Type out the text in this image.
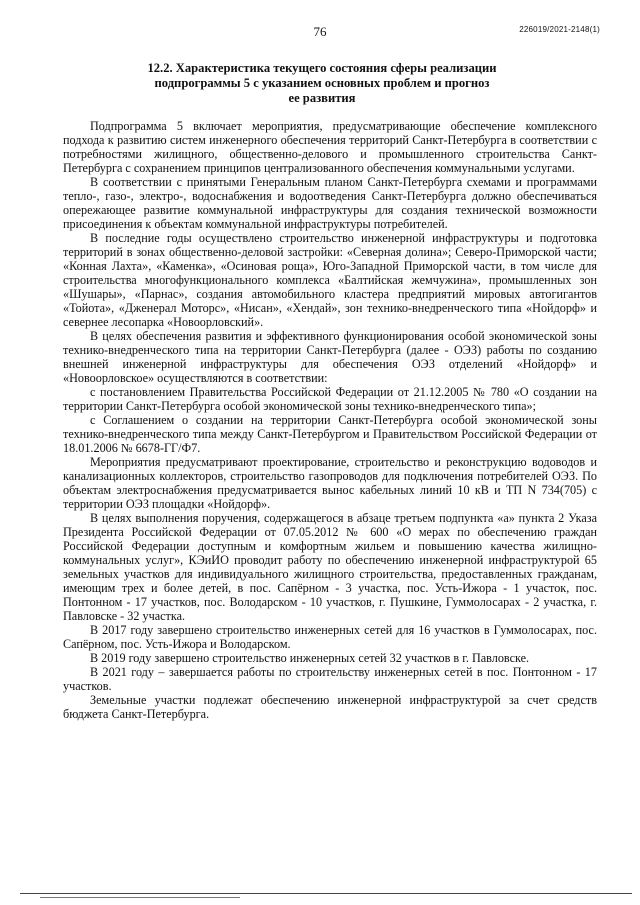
76	226019/2021-2148(1)
12.2. Характеристика текущего состояния сферы реализации
подпрограммы 5 с указанием основных проблем и прогноз
ее развития

Подпрограмма 5 включает мероприятия, предусматривающие обеспечение комплексного подхода к развитию систем инженерного обеспечения территорий Санкт-Петербурга в соответствии с потребностями жилищного, общественно-делового и промышленного строительства Санкт-Петербурга с сохранением принципов централизованного обеспечения коммунальными услугами.

В соответствии с принятыми Генеральным планом Санкт-Петербурга схемами и программами тепло-, газо-, электро-, водоснабжения и водоотведения Санкт-Петербурга должно обеспечиваться опережающее развитие коммунальной инфраструктуры для создания технической возможности присоединения к объектам коммунальной инфраструктуры потребителей.

В последние годы осуществлено строительство инженерной инфраструктуры и подготовка территорий в зонах общественно-деловой застройки: «Северная долина»; Северо-Приморской части; «Конная Лахта», «Каменка», «Осиновая роща», Юго-Западной Приморской части, в том числе для строительства многофункционального комплекса «Балтийская жемчужина», промышленных зон «Шушары», «Парнас», создания автомобильного кластера предприятий мировых автогигантов «Тойота», «Дженерал Моторс», «Нисан», «Хендай», зон технико-внедренческого типа «Нойдорф» и севернее лесопарка «Новоорловский».

В целях обеспечения развития и эффективного функционирования особой экономической зоны технико-внедренческого типа на территории Санкт-Петербурга (далее - ОЭЗ) работы по созданию внешней инженерной инфраструктуры для обеспечения ОЭЗ отделений «Нойдорф» и «Новоорловское» осуществляются в соответствии:

с постановлением Правительства Российской Федерации от 21.12.2005 № 780 «О создании на территории Санкт-Петербурга особой экономической зоны технико-внедренческого типа»;

с Соглашением о создании на территории Санкт-Петербурга особой экономической зоны технико-внедренческого типа между Санкт-Петербургом и Правительством Российской Федерации от 18.01.2006 № 6678-ГГ/Ф7.

Мероприятия предусматривают проектирование, строительство и реконструкцию водоводов и канализационных коллекторов, строительство газопроводов для подключения потребителей ОЭЗ. По объектам электроснабжения предусматривается вынос кабельных линий 10 кВ и ТП N 734(705) с территории ОЭЗ площадки «Нойдорф».

В целях выполнения поручения, содержащегося в абзаце третьем подпункта «а» пункта 2 Указа Президента Российской Федерации от 07.05.2012 № 600 «О мерах по обеспечению граждан Российской Федерации доступным и комфортным жильем и повышению качества жилищно-коммунальных услуг», КЭиИО проводит работу по обеспечению инженерной инфраструктурой 65 земельных участков для индивидуального жилищного строительства, предоставленных гражданам, имеющим трех и более детей, в пос. Сапёрном - 3 участка, пос. Усть-Ижора - 1 участок, пос. Понтонном - 17 участков, пос. Володарском - 10 участков, г. Пушкине, Гуммолосарах - 2 участка, г. Павловске - 32 участка.

В 2017 году завершено строительство инженерных сетей для 16 участков в Гуммолосарах, пос. Сапёрном, пос. Усть-Ижора и Володарском.

В 2019 году завершено строительство инженерных сетей 32 участков в г. Павловске.

В 2021 году – завершается работы по строительству инженерных сетей в пос. Понтонном - 17 участков.

Земельные участки подлежат обеспечению инженерной инфраструктурой за счет средств бюджета Санкт-Петербурга.
